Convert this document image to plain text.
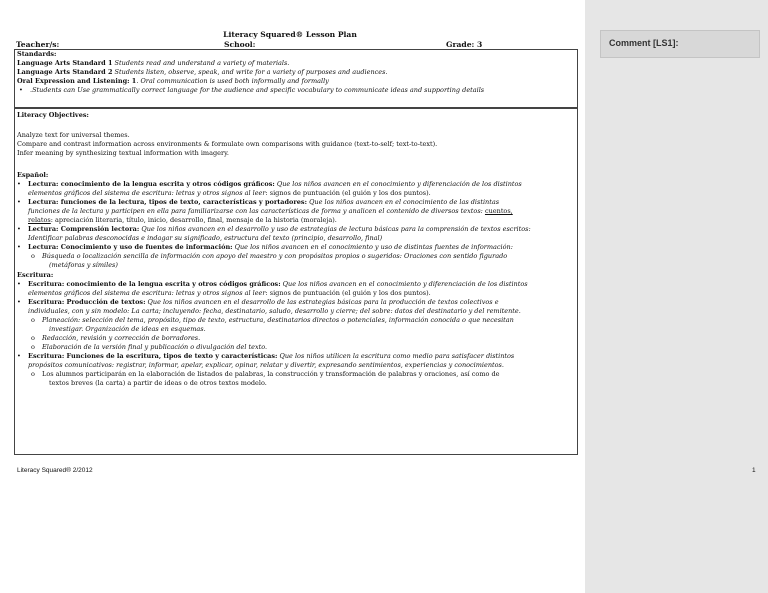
Comment [LS1]:
Literacy Squared® Lesson Plan
Teacher/s:	School:	Grade: 3
Standards:
Language Arts Standard 1 Students read and understand a variety of materials.
Language Arts Standard 2 Students listen, observe, speak, and write for a variety of purposes and audiences.
Oral Expression and Listening: 1. Oral communication is used both informally and formally
• .Students can Use grammatically correct language for the audience and specific vocabulary to communicate ideas and supporting details
Literacy Objectives:
Analyze text for universal themes.
Compare and contrast information across environments & formulate own comparisons with guidance (text-to-self; text-to-text).
Infer meaning by synthesizing textual information with imagery.
Español:
• Lectura: conocimiento de la lengua escrita y otros códigos gráficos: Que los niños avancen en el conocimiento y diferenciación de los distintos
elementos gráficos del sistema de escritura: letras y otros signos al leer: signos de puntuación (el guión y los dos puntos).
• Lectura: funciones de la lectura, tipos de texto, características y portadores: Que los niños avancen en el conocimiento de las distintas
funciones de la lectura y participen en ella para familiarizarse con las características de forma y analicen el contenido de diversos textos: cuentos,
relatos: apreciación literaria, título, inicio, desarrollo, final, mensaje de la historia (moraleja).
• Lectura: Comprensión lectora: Que los niños avancen en el desarrollo y uso de estrategias de lectura básicas para la comprensión de textos escritos:
Identificar palabras desconocidas e indagar su significado, estructura del texto (principio, desarrollo, final)
• Lectura: Conocimiento y uso de fuentes de información: Que los niños avancen en el conocimiento y uso de distintas fuentes de información:
o Búsqueda o localización sencilla de información con apoyo del maestro y con propósitos propios o sugeridos: Oraciones con sentido figurado
(metáforas y símiles)
Escritura:
• Escritura: conocimiento de la lengua escrita y otros códigos gráficos: Que los niños avancen en el conocimiento y diferenciación de los distintos
elementos gráficos del sistema de escritura: letras y otros signos al leer: signos de puntuación (el guión y los dos puntos).
• Escritura: Producción de textos: Que los niños avancen en el desarrollo de las estrategias básicas para la producción de textos colectivos e
individuales, con y sin modelo: La carta; incluyendo: fecha, destinatario, saludo, desarrollo y cierre; del sobre: datos del destinatario y del remitente.
o Planeación: selección del tema, propósito, tipo de texto, estructura, destinatarios directos o potenciales, información conocida o que necesitan
investigar. Organización de ideas en esquemas.
o Redacción, revisión y corrección de borradores.
o Elaboración de la versión final y publicación o divulgación del texto.
• Escritura: Funciones de la escritura, tipos de texto y características: Que los niños utilicen la escritura como medio para satisfacer distintos
propósitos comunicativos: registrar, informar, apelar, explicar, opinar, relatar y divertir, expresando sentimientos, experiencias y conocimientos.
o Los alumnos participarán en la elaboración de listados de palabras, la construcción y transformación de palabras y oraciones, así como de
textos breves (la carta) a partir de ideas o de otros textos modelo.
Literacy Squared® 2/2012	1
